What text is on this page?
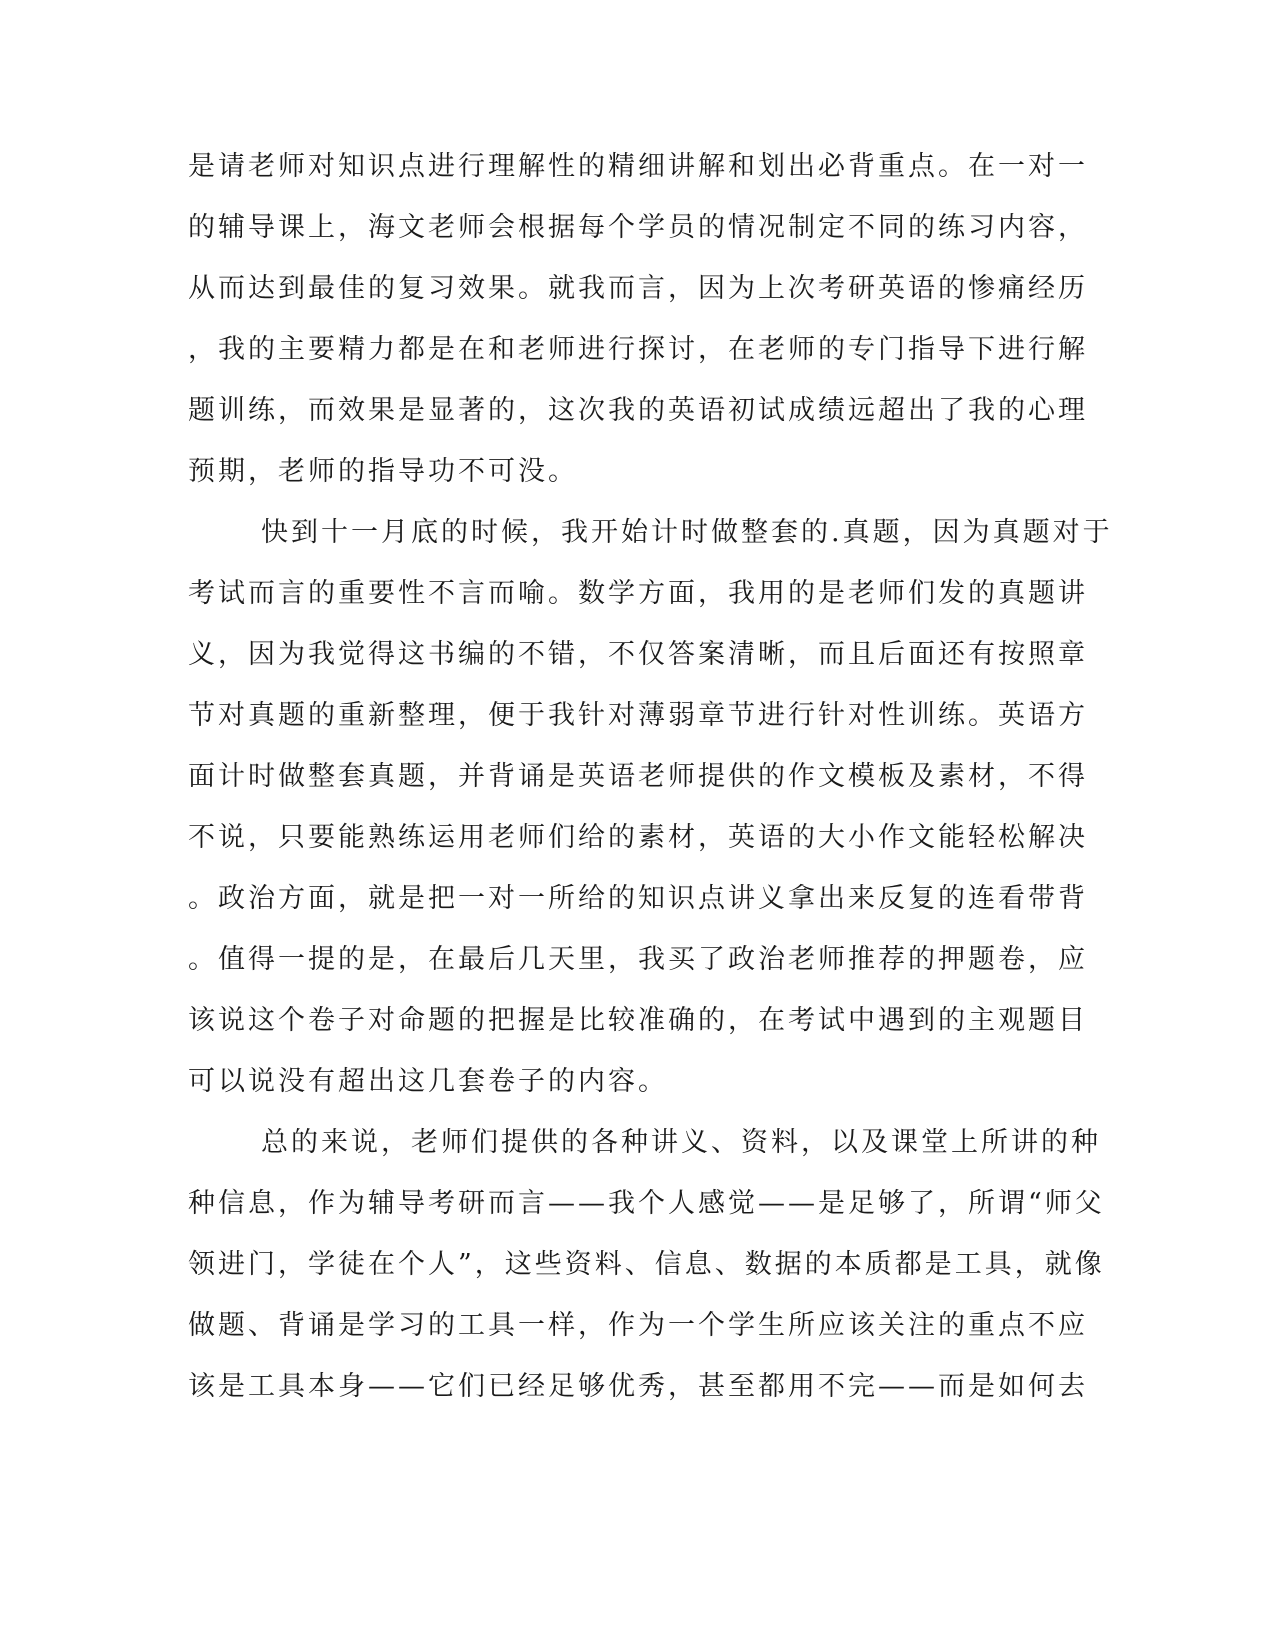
是请老师对知识点进行理解性的精细讲解和划出必背重点。在一对一
的辅导课上，海文老师会根据每个学员的情况制定不同的练习内容，
从而达到最佳的复习效果。就我而言，因为上次考研英语的惨痛经历
，我的主要精力都是在和老师进行探讨，在老师的专门指导下进行解
题训练，而效果是显著的，这次我的英语初试成绩远超出了我的心理
预期，老师的指导功不可没。
快到十一月底的时候，我开始计时做整套的.真题，因为真题对于
考试而言的重要性不言而喻。数学方面，我用的是老师们发的真题讲
义，因为我觉得这书编的不错，不仅答案清晰，而且后面还有按照章
节对真题的重新整理，便于我针对薄弱章节进行针对性训练。英语方
面计时做整套真题，并背诵是英语老师提供的作文模板及素材，不得
不说，只要能熟练运用老师们给的素材，英语的大小作文能轻松解决
。政治方面，就是把一对一所给的知识点讲义拿出来反复的连看带背
。值得一提的是，在最后几天里，我买了政治老师推荐的押题卷，应
该说这个卷子对命题的把握是比较准确的，在考试中遇到的主观题目
可以说没有超出这几套卷子的内容。
总的来说，老师们提供的各种讲义、资料，以及课堂上所讲的种
种信息，作为辅导考研而言——我个人感觉——是足够了，所谓“师父
领进门，学徒在个人”，这些资料、信息、数据的本质都是工具，就像
做题、背诵是学习的工具一样，作为一个学生所应该关注的重点不应
该是工具本身——它们已经足够优秀，甚至都用不完——而是如何去
